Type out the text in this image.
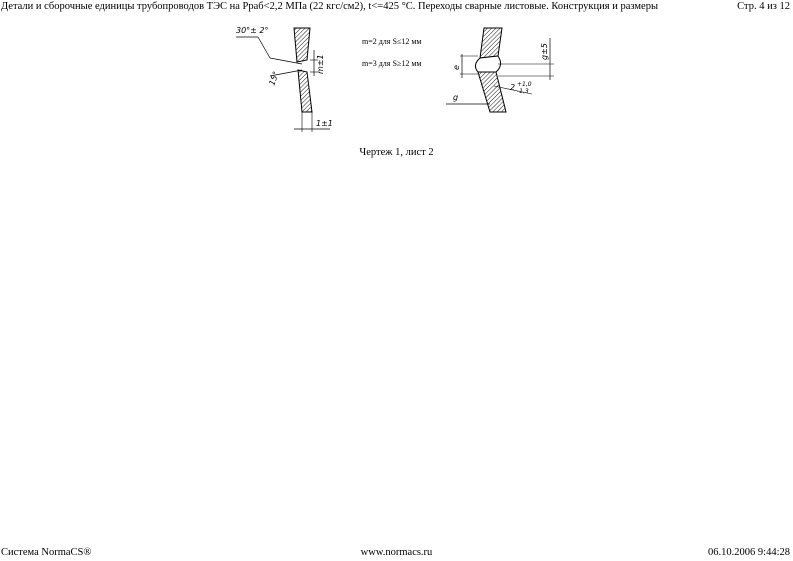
Детали и сборочные единицы трубопроводов ТЭС на Рраб<2,2 МПа (22 кгс/см2), t<=425 °С. Переходы сварные листовые. Конструкция и размеры	Стр. 4 из 12
30°± 2°
15°
m±1
1±1
m=2 для S≤12 мм
m=3 для S≥12 мм
g±5
e
g
2 +1,0
-1,3
Чертеж 1, лист 2
Система NormaCS®	www.normacs.ru	06.10.2006 9:44:28
